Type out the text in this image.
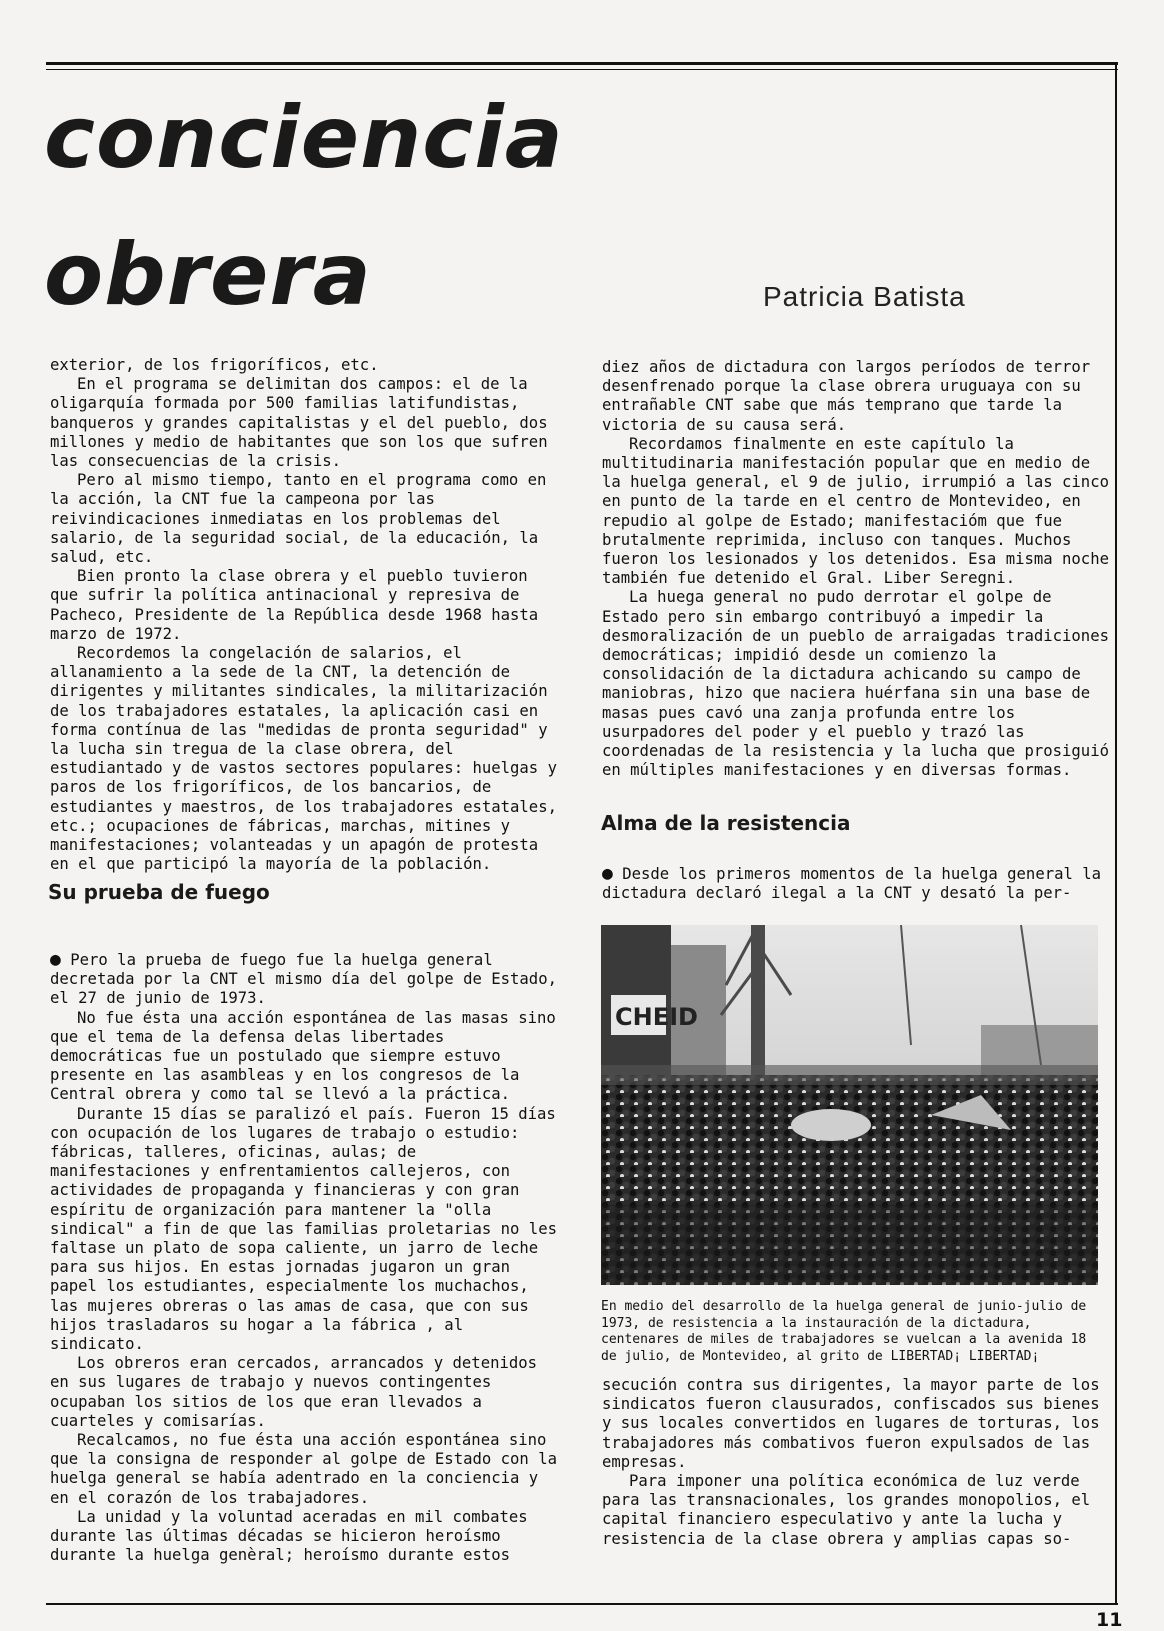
conciencia
obrera	Patricia Batista

exterior, de los frigoríficos, etc.

En el programa se delimitan dos campos: el de la oligarquía formada por 500 familias latifundistas, banqueros y grandes capitalistas y el del pueblo, dos millones y medio de habitantes que son los que sufren las consecuencias de la crisis.

Pero al mismo tiempo, tanto en el programa como en la acción, la CNT fue la campeona por las reivindicaciones inmediatas en los problemas del salario, de la seguridad social, de la educación, la salud, etc.

Bien pronto la clase obrera y el pueblo tuvieron que sufrir la política antinacional y represiva de Pacheco, Presidente de la República desde 1968 hasta marzo de 1972.

Recordemos la congelación de salarios, el allanamiento a la sede de la CNT, la detención de dirigentes y militantes sindicales, la militarización de los trabajadores estatales, la aplicación casi en forma contínua de las "medidas de pronta seguridad" y la lucha sin tregua de la clase obrera, del estudiantado y de vastos sectores populares: huelgas y paros de los frigoríficos, de los bancarios, de estudiantes y maestros, de los trabajadores estatales, etc.; ocupaciones de fábricas, marchas, mitines y manifestaciones; volanteadas y un apagón de protesta en el que participó la mayoría de la población.

Su prueba de fuego

● Pero la prueba de fuego fue la huelga general decretada por la CNT el mismo día del golpe de Estado, el 27 de junio de 1973.

No fue ésta una acción espontánea de las masas sino que el tema de la defensa delas libertades democráticas fue un postulado que siempre estuvo presente en las asambleas y en los congresos de la Central obrera y como tal se llevó a la práctica.

Durante 15 días se paralizó el país. Fueron 15 días con ocupación de los lugares de trabajo o estudio: fábricas, talleres, oficinas, aulas; de manifestaciones y enfrentamientos callejeros, con actividades de propaganda y financieras y con gran espíritu de organización para mantener la "olla sindical" a fin de que las familias proletarias no les faltase un plato de sopa caliente, un jarro de leche para sus hijos. En estas jornadas jugaron un gran papel los estudiantes, especialmente los muchachos, las mujeres obreras o las amas de casa, que con sus hijos trasladaros su hogar a la fábrica , al sindicato.

Los obreros eran cercados, arrancados y detenidos en sus lugares de trabajo y nuevos contingentes ocupaban los sitios de los que eran llevados a cuarteles y comisarías.

Recalcamos, no fue ésta una acción espontánea sino que la consigna de responder al golpe de Estado con la huelga general se había adentrado en la conciencia y en el corazón de los trabajadores.

La unidad y la voluntad aceradas en mil combates durante las últimas décadas se hicieron heroísmo durante la huelga genèral; heroísmo durante estos

diez años de dictadura con largos períodos de terror desenfrenado porque la clase obrera uruguaya con su entrañable CNT sabe que más temprano que tarde la victoria de su causa será.

Recordamos finalmente en este capítulo la multitudinaria manifestación popular que en medio de la huelga general, el 9 de julio, irrumpió a las cinco en punto de la tarde en el centro de Montevideo, en repudio al golpe de Estado; manifestacióm que fue brutalmente reprimida, incluso con tanques. Muchos fueron los lesionados y los detenidos. Esa misma noche también fue detenido el Gral. Liber Seregni.

La huega general no pudo derrotar el golpe de Estado pero sin embargo contribuyó a impedir la desmoralización de un pueblo de arraigadas tradiciones democráticas; impidió desde un comienzo la consolidación de la dictadura achicando su campo de maniobras, hizo que naciera huérfana sin una base de masas pues cavó una zanja profunda entre los usurpadores del poder y el pueblo y trazó las coordenadas de la resistencia y la lucha que prosiguió en múltiples manifestaciones y en diversas formas.

Alma de la resistencia

● Desde los primeros momentos de la huelga general la dictadura declaró ilegal a la CNT y desató la per-

CHEID

En medio del desarrollo de la huelga general de junio-julio de 1973, de resistencia a la instauración de la dictadura, centenares de miles de trabajadores se vuelcan a la avenida 18 de julio, de Montevideo, al grito de LIBERTAD¡ LIBERTAD¡

secución contra sus dirigentes, la mayor parte de los sindicatos fueron clausurados, confiscados sus bienes y sus locales convertidos en lugares de torturas, los trabajadores más combativos fueron expulsados de las empresas.

Para imponer una política económica de luz verde para las transnacionales, los grandes monopolios, el capital financiero especulativo y ante la lucha y resistencia de la clase obrera y amplias capas so-

11
